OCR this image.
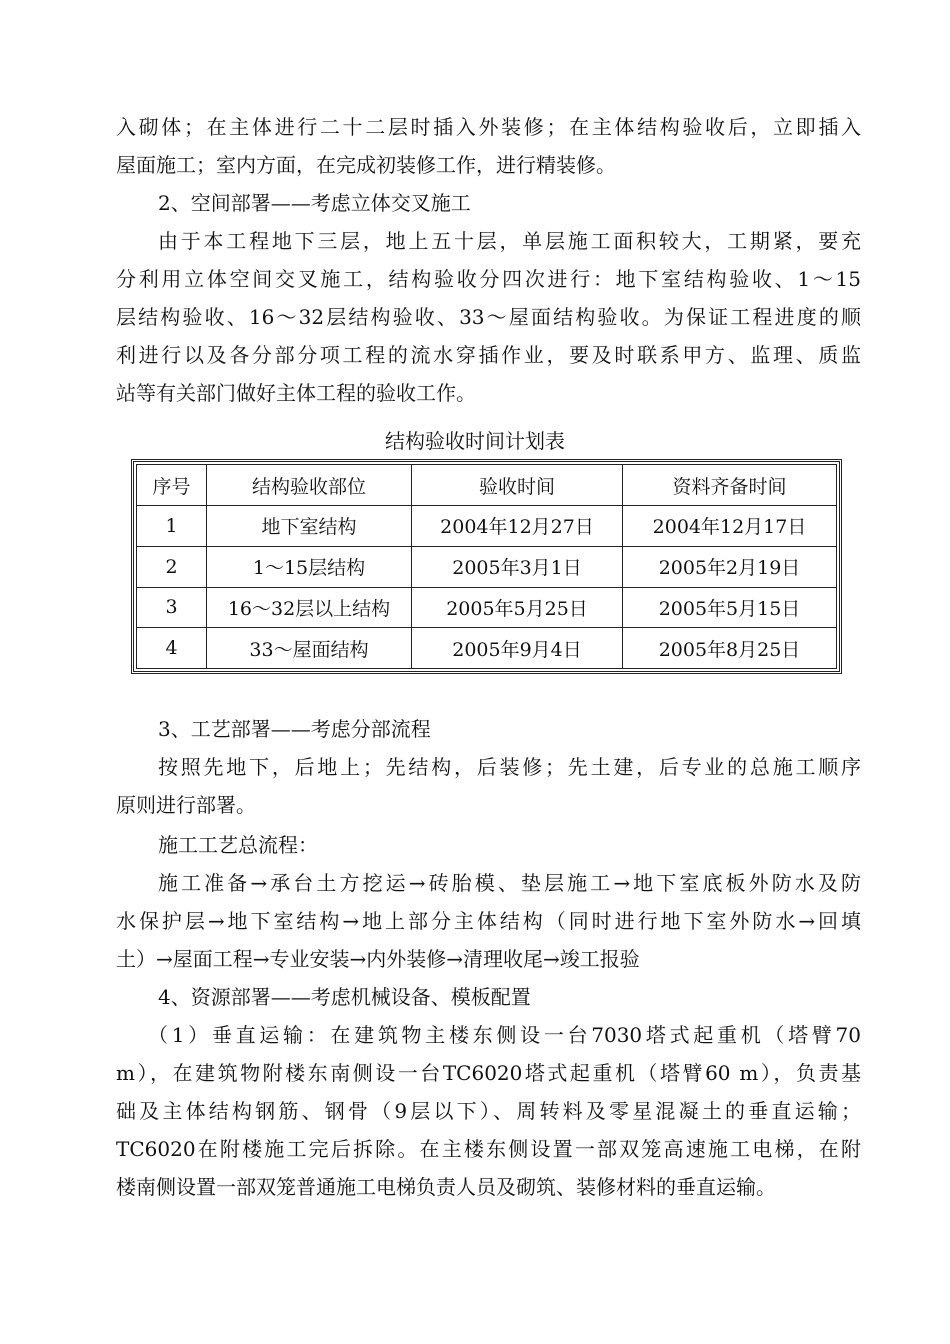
入砌体；在主体进行二十二层时插入外装修；在主体结构验收后，立即插入
屋面施工；室内方面，在完成初装修工作，进行精装修。
2、空间部署——考虑立体交叉施工
由于本工程地下三层，地上五十层，单层施工面积较大，工期紧，要充
分利用立体空间交叉施工，结构验收分四次进行：地下室结构验收、1～15
层结构验收、16～32层结构验收、33～屋面结构验收。为保证工程进度的顺
利进行以及各分部分项工程的流水穿插作业，要及时联系甲方、监理、质监
站等有关部门做好主体工程的验收工作。
结构验收时间计划表
序号	结构验收部位	验收时间	资料齐备时间
1	地下室结构	2004年12月27日	2004年12月17日
2	1～15层结构	2005年3月1日	2005年2月19日
3	16～32层以上结构	2005年5月25日	2005年5月15日
4	33～屋面结构	2005年9月4日	2005年8月25日
3、工艺部署——考虑分部流程
按照先地下，后地上；先结构，后装修；先土建，后专业的总施工顺序
原则进行部署。
施工工艺总流程：
施工准备→承台土方挖运→砖胎模、垫层施工→地下室底板外防水及防
水保护层→地下室结构→地上部分主体结构（同时进行地下室外防水→回填
土）→屋面工程→专业安装→内外装修→清理收尾→竣工报验
4、资源部署——考虑机械设备、模板配置
（1）垂直运输：在建筑物主楼东侧设一台7030塔式起重机（塔臂70
m），在建筑物附楼东南侧设一台TC6020塔式起重机（塔臂60 m），负责基
础及主体结构钢筋、钢骨（9层以下）、周转料及零星混凝土的垂直运输；
TC6020在附楼施工完后拆除。在主楼东侧设置一部双笼高速施工电梯，在附
楼南侧设置一部双笼普通施工电梯负责人员及砌筑、装修材料的垂直运输。
